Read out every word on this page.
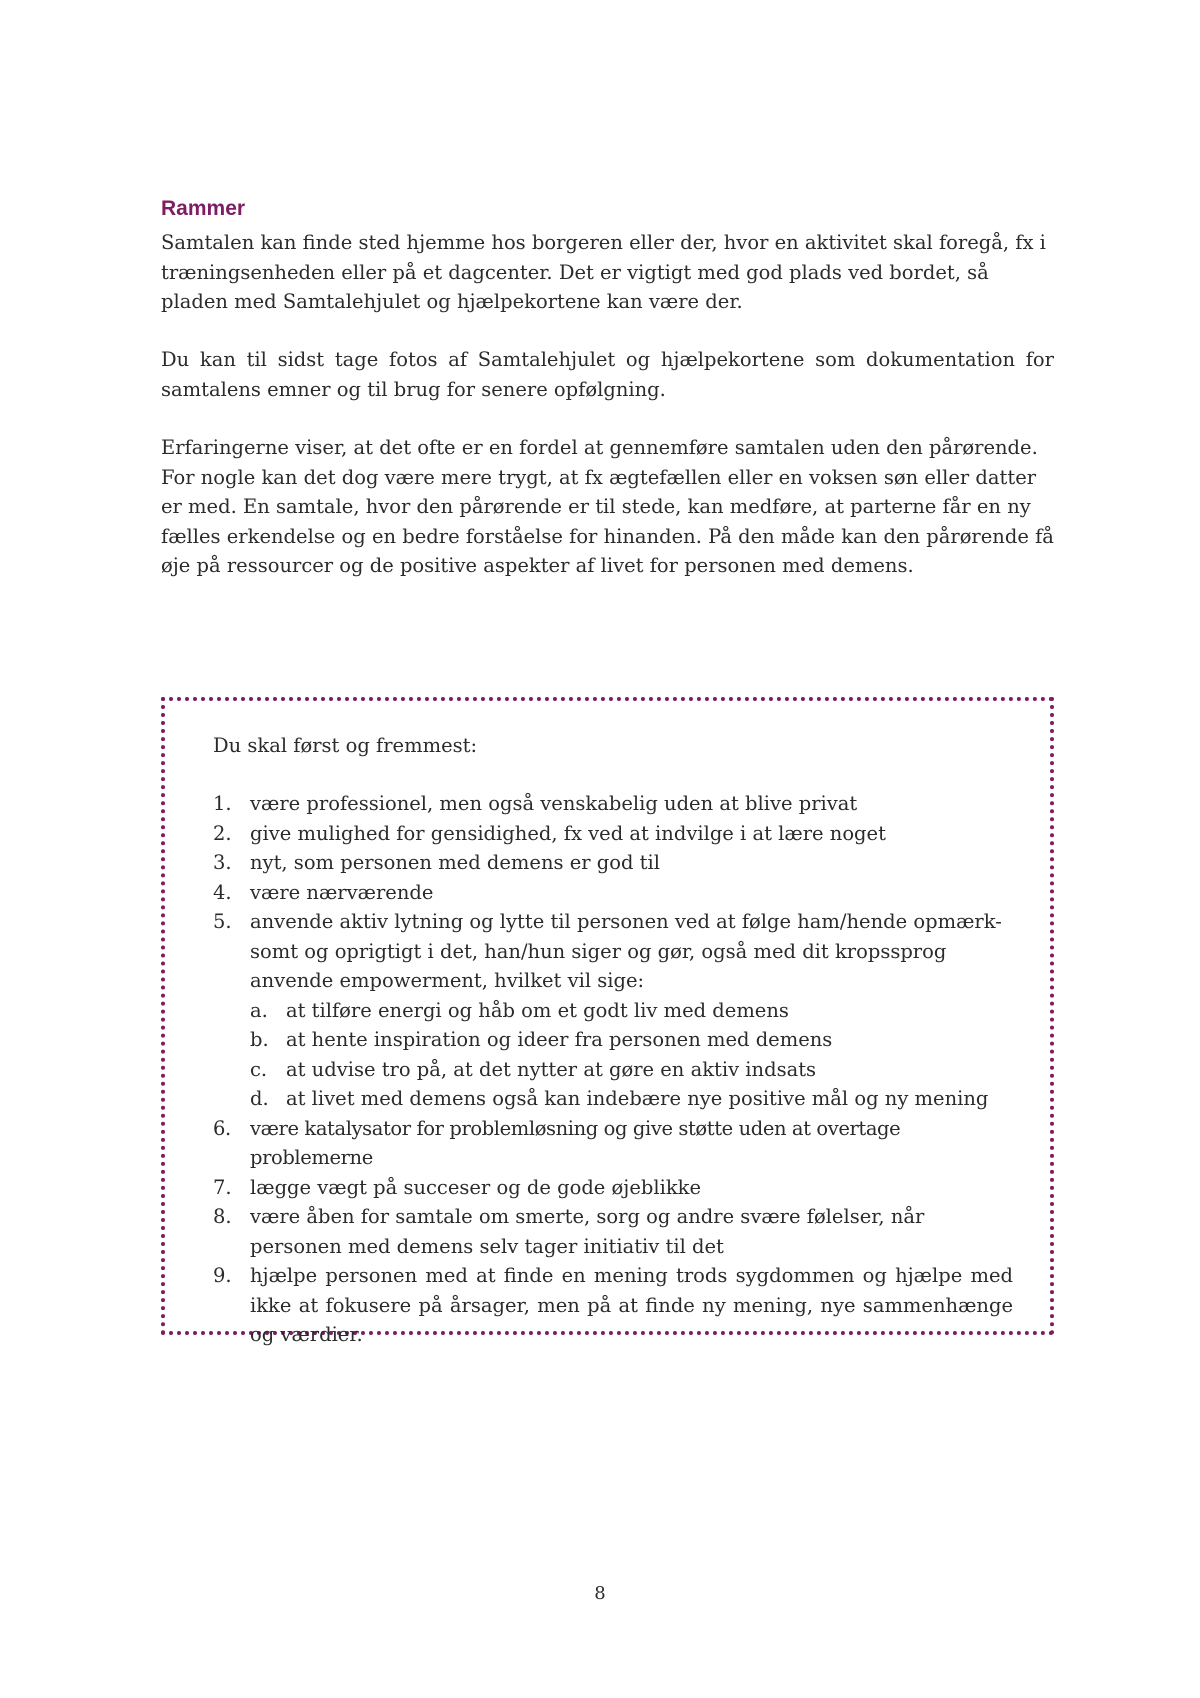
Rammer

Samtalen kan finde sted hjemme hos borgeren eller der, hvor en aktivitet skal foregå, fx i træningsenheden eller på et dagcenter. Det er vigtigt med god plads ved bordet, så pladen med Samtalehjulet og hjælpekortene kan være der.

Du kan til sidst tage fotos af Samtalehjulet og hjælpekortene som dokumentation for samtalens emner og til brug for senere opfølgning.

Erfaringerne viser, at det ofte er en fordel at gennemføre samtalen uden den pårørende. For nogle kan det dog være mere trygt, at fx ægtefællen eller en voksen søn eller datter er med. En samtale, hvor den pårørende er til stede, kan medføre, at parterne får en ny fælles erkendelse og en bedre forståelse for hinanden. På den måde kan den pårørende få øje på ressourcer og de positive aspekter af livet for personen med demens.

Du skal først og fremmest:

1. være professionel, men også venskabelig uden at blive privat
2. give mulighed for gensidighed, fx ved at indvilge i at lære noget
3. nyt, som personen med demens er god til
4. være nærværende
5. anvende aktiv lytning og lytte til personen ved at følge ham/hende opmærk-somt og oprigtigt i det, han/hun siger og gør, også med dit kropssprog anvende empowerment, hvilket vil sige:
a. at tilføre energi og håb om et godt liv med demens
b. at hente inspiration og ideer fra personen med demens
c. at udvise tro på, at det nytter at gøre en aktiv indsats
d. at livet med demens også kan indebære nye positive mål og ny mening
6. være katalysator for problemløsning og give støtte uden at overtage problemerne
7. lægge vægt på succeser og de gode øjeblikke
8. være åben for samtale om smerte, sorg og andre svære følelser, når personen med demens selv tager initiativ til det
9. hjælpe personen med at finde en mening trods sygdommen og hjælpe med ikke at fokusere på årsager, men på at finde ny mening, nye sammenhænge og værdier.

8
